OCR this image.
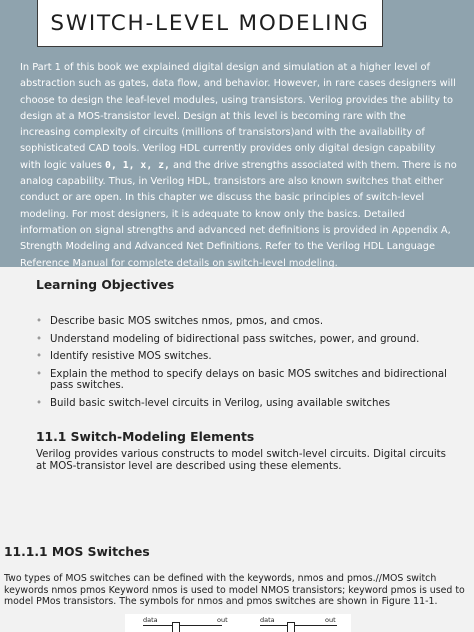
SWITCH-LEVEL MODELING

In Part 1 of this book we explained digital design and simulation at a higher level of abstraction such as gates, data flow, and behavior. However, in rare cases designers will choose to design the leaf-level modules, using transistors. Verilog provides the ability to design at a MOS-transistor level. Design at this level is becoming rare with the increasing complexity of circuits (millions of transistors)and with the availability of sophisticated CAD tools. Verilog HDL currently provides only digital design capability with logic values 0, 1, x, z, and the drive strengths associated with them. There is no analog capability. Thus, in Verilog HDL, transistors are also known switches that either conduct or are open. In this chapter we discuss the basic principles of switch-level modeling. For most designers, it is adequate to know only the basics. Detailed information on signal strengths and advanced net definitions is provided in Appendix A, Strength Modeling and Advanced Net Definitions. Refer to the Verilog HDL Language Reference Manual for complete details on switch-level modeling.

Learning Objectives
• Describe basic MOS switches nmos, pmos, and cmos.
• Understand modeling of bidirectional pass switches, power, and ground.
• Identify resistive MOS switches.
• Explain the method to specify delays on basic MOS switches and bidirectional pass switches.
• Build basic switch-level circuits in Verilog, using available switches
11.1 Switch-Modeling Elements

Verilog provides various constructs to model switch-level circuits. Digital circuits at MOS-transistor level are described using these elements.

11.1.1 MOS Switches

Two types of MOS switches can be defined with the keywords, nmos and pmos.//MOS switch keywords nmos pmos Keyword nmos is used to model NMOS transistors; keyword pmos is used to model PMos transistors. The symbols for nmos and pmos switches are shown in Figure 11-1.

data	out	data	out
